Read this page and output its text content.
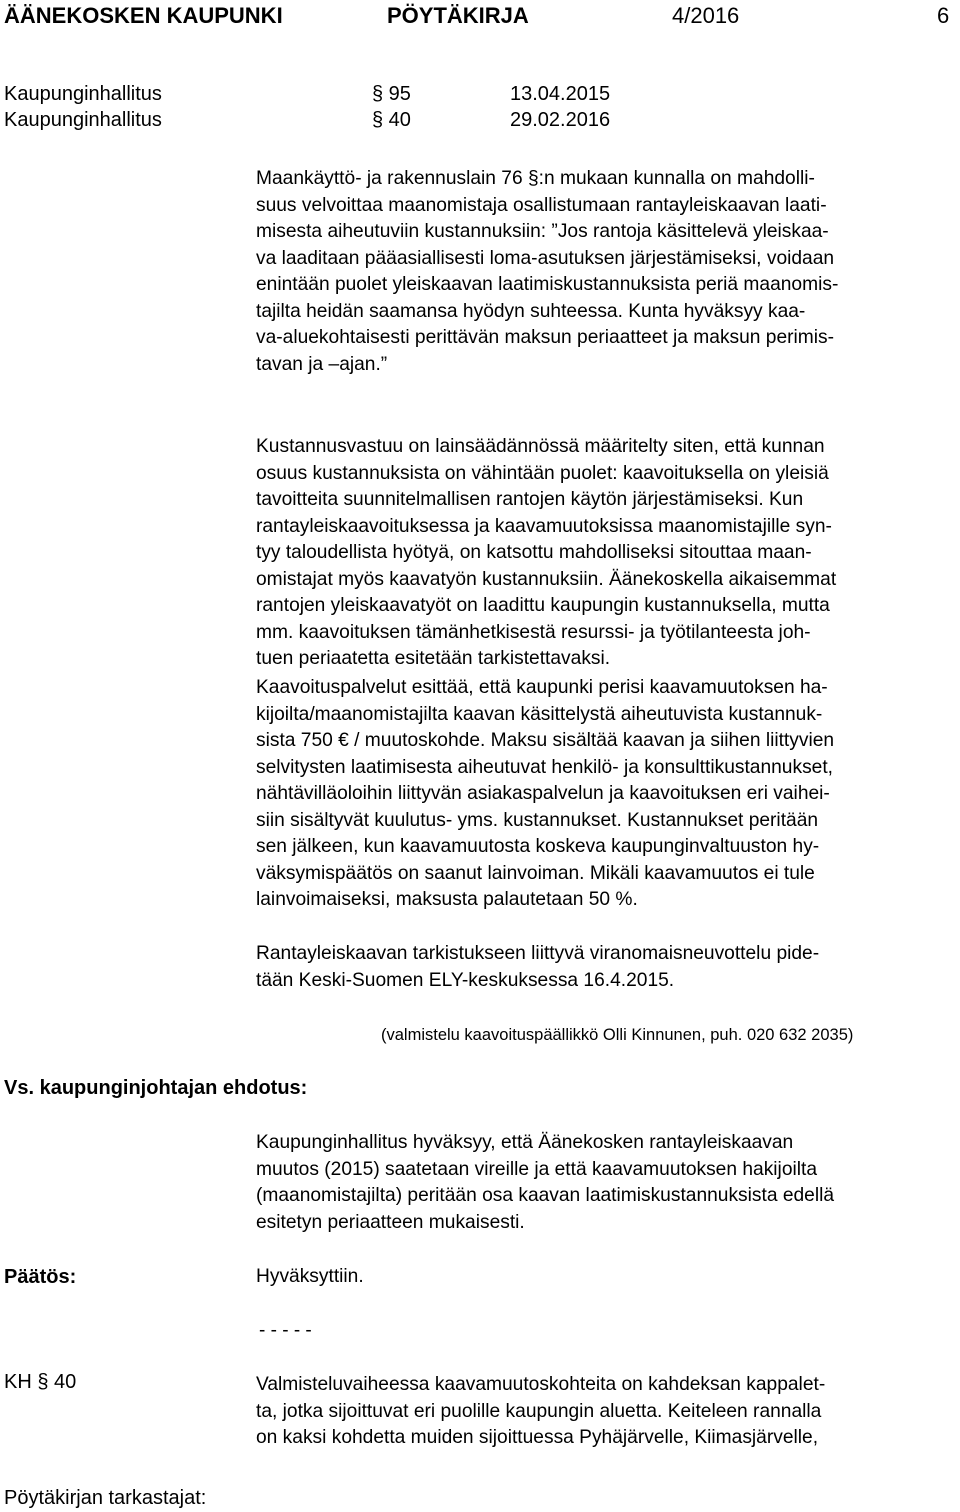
ÄÄNEKOSKEN KAUPUNKI	PÖYTÄKIRJA	4/2016	6
Kaupunginhallitus	§ 95	13.04.2015
Kaupunginhallitus	§ 40	29.02.2016
Maankäyttö- ja rakennuslain 76 §:n mukaan kunnalla on mahdolli-
suus velvoittaa maanomistaja osallistumaan rantayleiskaavan laati-
misesta aiheutuviin kustannuksiin: ”Jos rantoja käsittelevä yleiskaa-
va laaditaan pääasiallisesti loma-asutuksen järjestämiseksi, voidaan
enintään puolet yleiskaavan laatimiskustannuksista periä maanomis-
tajilta heidän saamansa hyödyn suhteessa. Kunta hyväksyy kaa-
va-aluekohtaisesti perittävän maksun periaatteet ja maksun perimis-
tavan ja –ajan.”
Kustannusvastuu on lainsäädännössä määritelty siten, että kunnan
osuus kustannuksista on vähintään puolet: kaavoituksella on yleisiä
tavoitteita suunnitelmallisen rantojen käytön järjestämiseksi. Kun
rantayleiskaavoituksessa ja kaavamuutoksissa maanomistajille syn-
tyy taloudellista hyötyä, on katsottu mahdolliseksi sitouttaa maan-
omistajat myös kaavatyön kustannuksiin. Äänekoskella aikaisemmat
rantojen yleiskaavatyöt on laadittu kaupungin kustannuksella, mutta
mm. kaavoituksen tämänhetkisestä resurssi- ja työtilanteesta joh-
tuen periaatetta esitetään tarkistettavaksi.
Kaavoituspalvelut esittää, että kaupunki perisi kaavamuutoksen ha-
kijoilta/maanomistajilta kaavan käsittelystä aiheutuvista kustannuk-
sista 750 € / muutoskohde. Maksu sisältää kaavan ja siihen liittyvien
selvitysten laatimisesta aiheutuvat henkilö- ja konsulttikustannukset,
nähtävilläoloihin liittyvän asiakaspalvelun ja kaavoituksen eri vaihei-
siin sisältyvät kuulutus- yms. kustannukset. Kustannukset peritään
sen jälkeen, kun kaavamuutosta koskeva kaupunginvaltuuston hy-
väksymispäätös on saanut lainvoiman. Mikäli kaavamuutos ei tule
lainvoimaiseksi, maksusta palautetaan 50 %.
Rantayleiskaavan tarkistukseen liittyvä viranomaisneuvottelu pide-
tään Keski-Suomen ELY-keskuksessa 16.4.2015.
(valmistelu kaavoituspäällikkö Olli Kinnunen, puh. 020 632 2035)
Vs. kaupunginjohtajan ehdotus:
Kaupunginhallitus hyväksyy, että Äänekosken rantayleiskaavan
muutos (2015) saatetaan vireille ja että kaavamuutoksen hakijoilta
(maanomistajilta) peritään osa kaavan laatimiskustannuksista edellä
esitetyn periaatteen mukaisesti.
Päätös:	Hyväksyttiin.
- - - - -
KH § 40	Valmisteluvaiheessa kaavamuutoskohteita on kahdeksan kappalet-
ta, jotka sijoittuvat eri puolille kaupungin aluetta. Keiteleen rannalla
on kaksi kohdetta muiden sijoittuessa Pyhäjärvelle, Kiimasjärvelle,
Pöytäkirjan tarkastajat:
